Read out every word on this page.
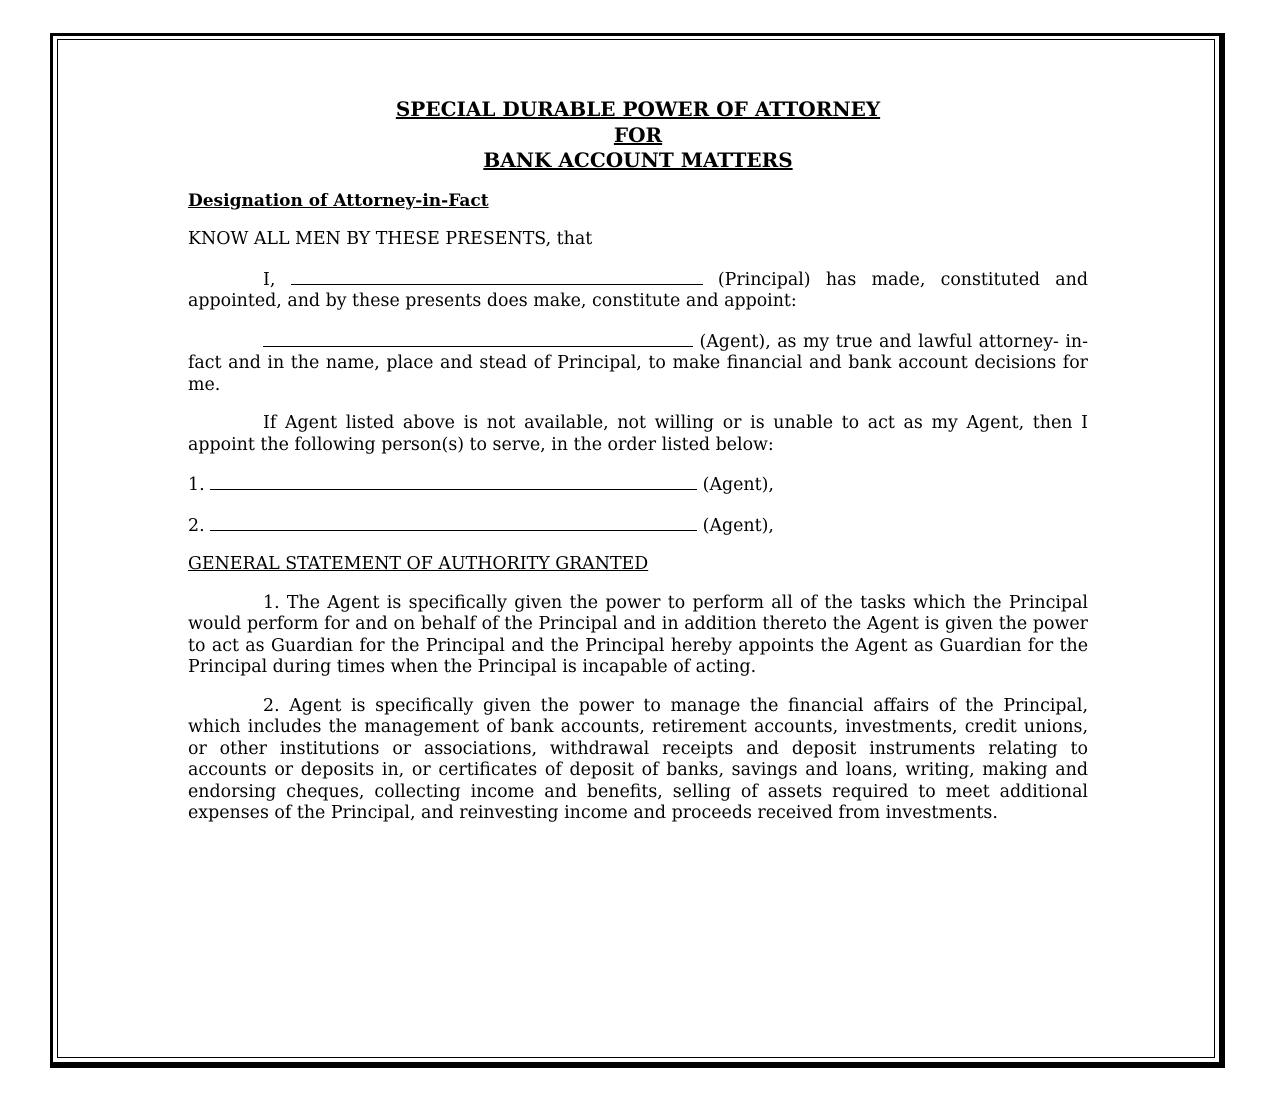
SPECIAL DURABLE POWER OF ATTORNEY
FOR
BANK ACCOUNT MATTERS
Designation of Attorney-in-Fact

KNOW ALL MEN BY THESE PRESENTS, that

I,	(Principal) has made, constituted and appointed, and by these presents does make, constitute and appoint:

(Agent), as my true and lawful attorney- in-fact and in the name, place and stead of Principal, to make financial and bank account decisions for me.

If Agent listed above is not available, not willing or is unable to act as my Agent, then I appoint the following person(s) to serve, in the order listed below:

1.	(Agent),

2.	(Agent),

GENERAL STATEMENT OF AUTHORITY GRANTED

1. The Agent is specifically given the power to perform all of the tasks which the Principal would perform for and on behalf of the Principal and in addition thereto the Agent is given the power to act as Guardian for the Principal and the Principal hereby appoints the Agent as Guardian for the Principal during times when the Principal is incapable of acting.

2. Agent is specifically given the power to manage the financial affairs of the Principal, which includes the management of bank accounts, retirement accounts, investments, credit unions, or other institutions or associations, withdrawal receipts and deposit instruments relating to accounts or deposits in, or certificates of deposit of banks, savings and loans, writing, making and endorsing cheques, collecting income and benefits, selling of assets required to meet additional expenses of the Principal, and reinvesting income and proceeds received from investments.
